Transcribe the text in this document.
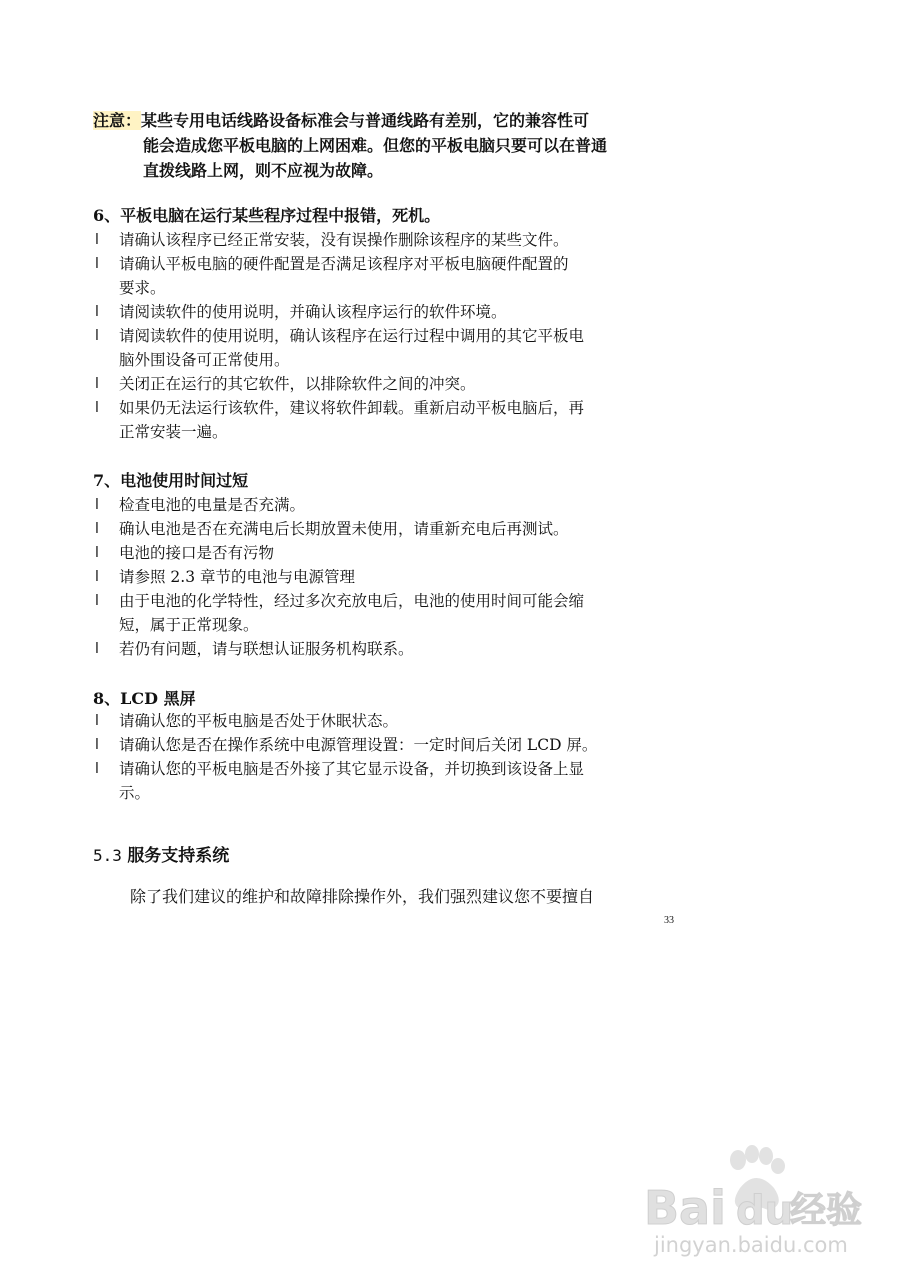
注意：某些专用电话线路设备标准会与普通线路有差别，它的兼容性可
能会造成您平板电脑的上网困难。但您的平板电脑只要可以在普通
直拨线路上网，则不应视为故障。
6、平板电脑在运行某些程序过程中报错，死机。
l 请确认该程序已经正常安装，没有误操作删除该程序的某些文件。
l 请确认平板电脑的硬件配置是否满足该程序对平板电脑硬件配置的
要求。
l 请阅读软件的使用说明，并确认该程序运行的软件环境。
l 请阅读软件的使用说明，确认该程序在运行过程中调用的其它平板电
脑外围设备可正常使用。
l 关闭正在运行的其它软件，以排除软件之间的冲突。
l 如果仍无法运行该软件，建议将软件卸载。重新启动平板电脑后，再
正常安装一遍。
7、电池使用时间过短
l 检查电池的电量是否充满。
l 确认电池是否在充满电后长期放置未使用，请重新充电后再测试。
l 电池的接口是否有污物
l 请参照 2.3 章节的电池与电源管理
l 由于电池的化学特性，经过多次充放电后，电池的使用时间可能会缩
短，属于正常现象。
l 若仍有问题，请与联想认证服务机构联系。
8、LCD 黑屏
l 请确认您的平板电脑是否处于休眠状态。
l 请确认您是否在操作系统中电源管理设置：一定时间后关闭 LCD 屏。
l 请确认您的平板电脑是否外接了其它显示设备，并切换到该设备上显
示。
5.3 服务支持系统
除了我们建议的维护和故障排除操作外，我们强烈建议您不要擅自
33
Bai du
经验
jingyan.baidu.com
